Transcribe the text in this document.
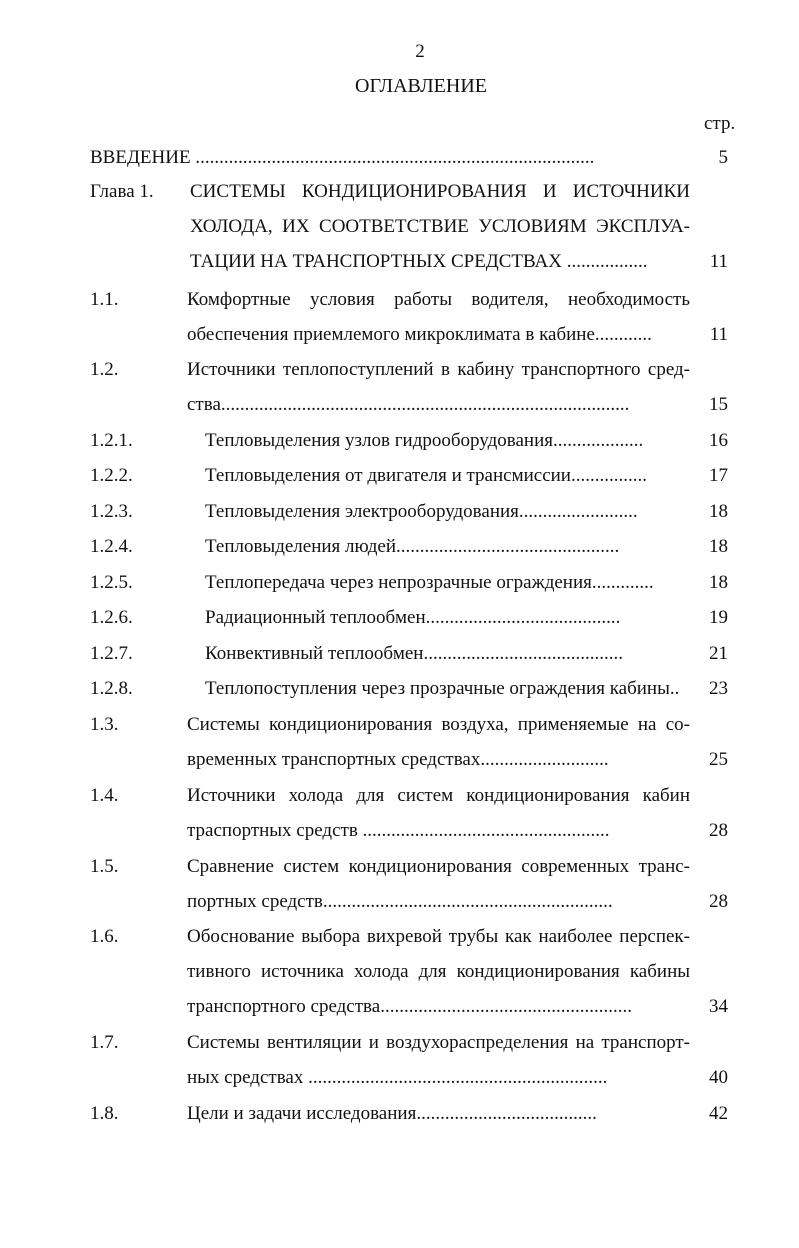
2
ОГЛАВЛЕНИЕ
стр.
ВВЕДЕНИЕ ....................................................................................	5
Глава 1. СИСТЕМЫ КОНДИЦИОНИРОВАНИЯ И ИСТОЧНИКИ
ХОЛОДА, ИХ СООТВЕТСТВИЕ УСЛОВИЯМ ЭКСПЛУА-
ТАЦИИ НА ТРАНСПОРТНЫХ СРЕДСТВАХ .................	11
1.1.	Комфортные условия работы водителя, необходимость
обеспечения приемлемого микроклимата в кабине............	11
1.2.	Источники теплопоступлений в кабину транспортного сред-
ства......................................................................................	15
1.2.1.	Тепловыделения узлов гидрооборудования...................	16
1.2.2.	Тепловыделения от двигателя и трансмиссии................	17
1.2.3.	Тепловыделения электрооборудования.........................	18
1.2.4.	Тепловыделения людей...............................................	18
1.2.5.	Теплопередача через непрозрачные ограждения.............	18
1.2.6.	Радиационный теплообмен.........................................	19
1.2.7.	Конвективный теплообмен..........................................	21
1.2.8.	Теплопоступления через прозрачные ограждения кабины..	23
1.3.	Системы кондиционирования воздуха, применяемые на со-
временных транспортных средствах...........................	25
1.4.	Источники холода для систем кондиционирования кабин
траспортных средств ....................................................	28
1.5.	Сравнение систем кондиционирования современных транс-
портных средств.............................................................	28
1.6.	Обоснование выбора вихревой трубы как наиболее перспек-
тивного источника холода для кондиционирования кабины
транспортного средства.....................................................	34
1.7.	Системы вентиляции и воздухораспределения на транспорт-
ных средствах ...............................................................	40
1.8.	Цели и задачи исследования......................................	42
